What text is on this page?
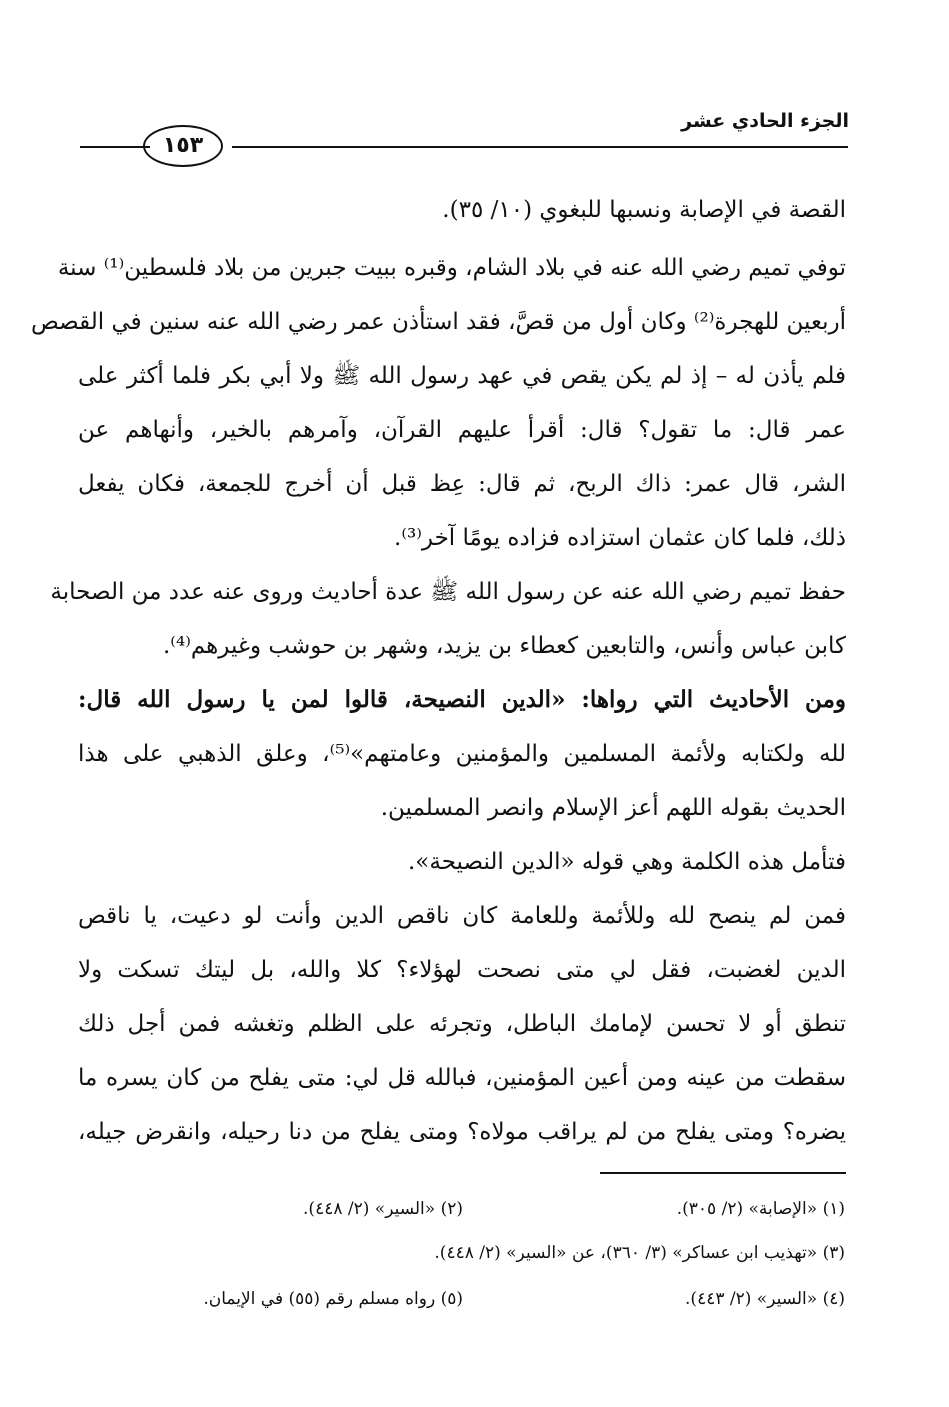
١٥٣
الجزء الحادي عشر
القصة في الإصابة ونسبها للبغوي (١٠/ ٣٥).
توفي تميم رضي الله عنه في بلاد الشام، وقبره ببيت جبرين من بلاد فلسطين⁽¹⁾ سنة
أربعين للهجرة⁽²⁾ وكان أول من قصَّ، فقد استأذن عمر رضي الله عنه سنين في القصص
فلم يأذن له – إذ لم يكن يقص في عهد رسول الله ﷺ ولا أبي بكر فلما أكثر على
عمر قال: ما تقول؟ قال: أقرأ عليهم القرآن، وآمرهم بالخير، وأنهاهم عن
الشر، قال عمر: ذاك الربح، ثم قال: عِظ قبل أن أخرج للجمعة، فكان يفعل
ذلك، فلما كان عثمان استزاده فزاده يومًا آخر⁽³⁾.
حفظ تميم رضي الله عنه عن رسول الله ﷺ عدة أحاديث وروى عنه عدد من الصحابة
كابن عباس وأنس، والتابعين كعطاء بن يزيد، وشهر بن حوشب وغيرهم⁽⁴⁾.
ومن الأحاديث التي رواها: «الدين النصيحة، قالوا لمن يا رسول الله قال:
لله ولكتابه ولأئمة المسلمين والمؤمنين وعامتهم»⁽⁵⁾، وعلق الذهبي على هذا
الحديث بقوله اللهم أعز الإسلام وانصر المسلمين.
فتأمل هذه الكلمة وهي قوله «الدين النصيحة».
فمن لم ينصح لله وللأئمة وللعامة كان ناقص الدين وأنت لو دعيت، يا ناقص
الدين لغضبت، فقل لي متى نصحت لهؤلاء؟ كلا والله، بل ليتك تسكت ولا
تنطق أو لا تحسن لإمامك الباطل، وتجرئه على الظلم وتغشه فمن أجل ذلك
سقطت من عينه ومن أعين المؤمنين، فبالله قل لي: متى يفلح من كان يسره ما
يضره؟ ومتى يفلح من لم يراقب مولاه؟ ومتى يفلح من دنا رحيله، وانقرض جيله،
(١) «الإصابة» (٢/ ٣٠٥).
(٢) «السير» (٢/ ٤٤٨).
(٣) «تهذيب ابن عساكر» (٣/ ٣٦٠)، عن «السير» (٢/ ٤٤٨).
(٤) «السير» (٢/ ٤٤٣).
(٥) رواه مسلم رقم (٥٥) في الإيمان.
